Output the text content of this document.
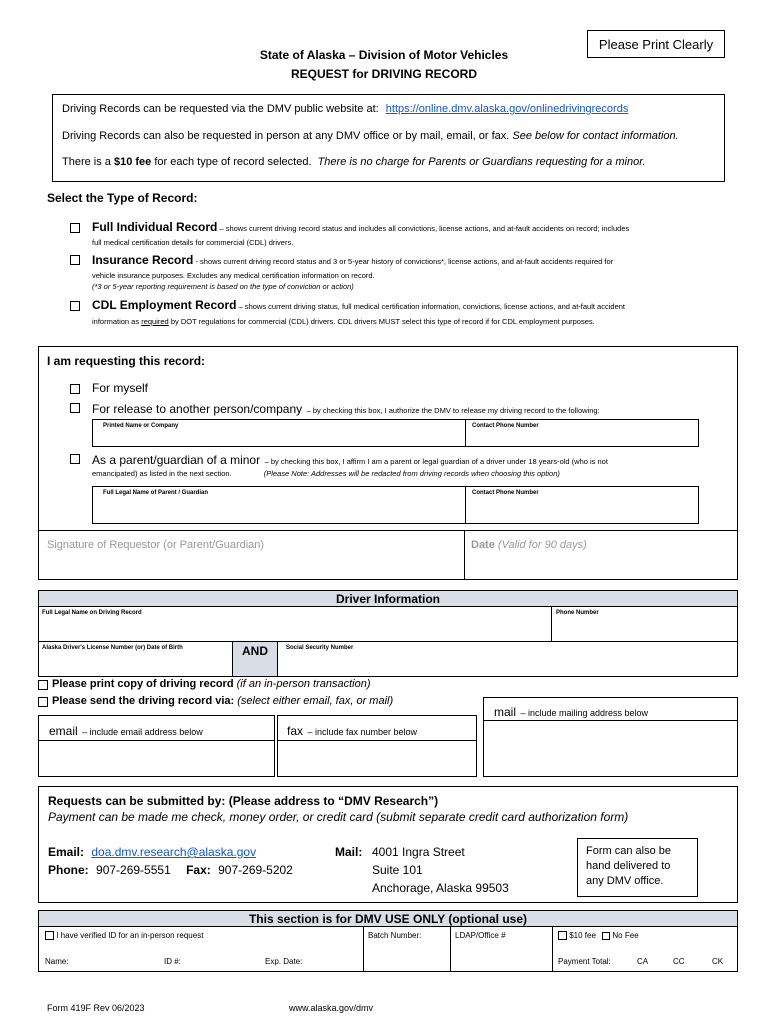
Please Print Clearly
State of Alaska – Division of Motor Vehicles
REQUEST for DRIVING RECORD
Driving Records can be requested via the DMV public website at: https://online.dmv.alaska.gov/onlinedrivingrecords
Driving Records can also be requested in person at any DMV office or by mail, email, or fax. See below for contact information.
There is a $10 fee for each type of record selected. There is no charge for Parents or Guardians requesting for a minor.
Select the Type of Record:
Full Individual Record – shows current driving record status and includes all convictions, license actions, and at-fault accidents on record; includes
full medical certification details for commercial (CDL) drivers.
Insurance Record - shows current driving record status and 3 or 5-year history of convictions*, license actions, and at-fault accidents required for
vehicle insurance purposes. Excludes any medical certification information on record.
(*3 or 5-year reporting requirement is based on the type of conviction or action)
CDL Employment Record – shows current driving status, full medical certification information, convictions, license actions, and at-fault accident
information as required by DOT regulations for commercial (CDL) drivers. CDL drivers MUST select this type of record if for CDL employment purposes.
I am requesting this record:
For myself
For release to another person/company – by checking this box, I authorize the DMV to release my driving record to the following:
Printed Name or Company	Contact Phone Number
As a parent/guardian of a minor – by checking this box, I affirm I am a parent or legal guardian of a driver under 18 years-old (who is not
emancipated) as listed in the next section.	(Please Note: Addresses will be redacted from driving records when choosing this option)
Full Legal Name of Parent / Guardian	Contact Phone Number
Signature of Requestor (or Parent/Guardian)	Date (Valid for 90 days)
Driver Information
Full Legal Name on Driving Record	Phone Number
Alaska Driver's License Number (or) Date of Birth	AND	Social Security Number
Please print copy of driving record (if an in-person transaction)
Please send the driving record via: (select either email, fax, or mail)
email – include email address below	fax – include fax number below
mail – include mailing address below
Requests can be submitted by: (Please address to “DMV Research”)
Payment can be made me check, money order, or credit card (submit separate credit card authorization form)
Email: doa.dmv.research@alaska.gov
Phone: 907-269-5551 Fax: 907-269-5202
Mail: 4001 Ingra Street
Suite 101
Anchorage, Alaska 99503
Form can also be
hand delivered to
any DMV office.
This section is for DMV USE ONLY (optional use)
I have verified ID for an in-person request	Batch Number:	LDAP/Office #	$10 fee No Fee
Name:	ID #:	Exp. Date:	Payment Total:	CA	CC	CK
Form 419F Rev 06/2023	www.alaska.gov/dmv
